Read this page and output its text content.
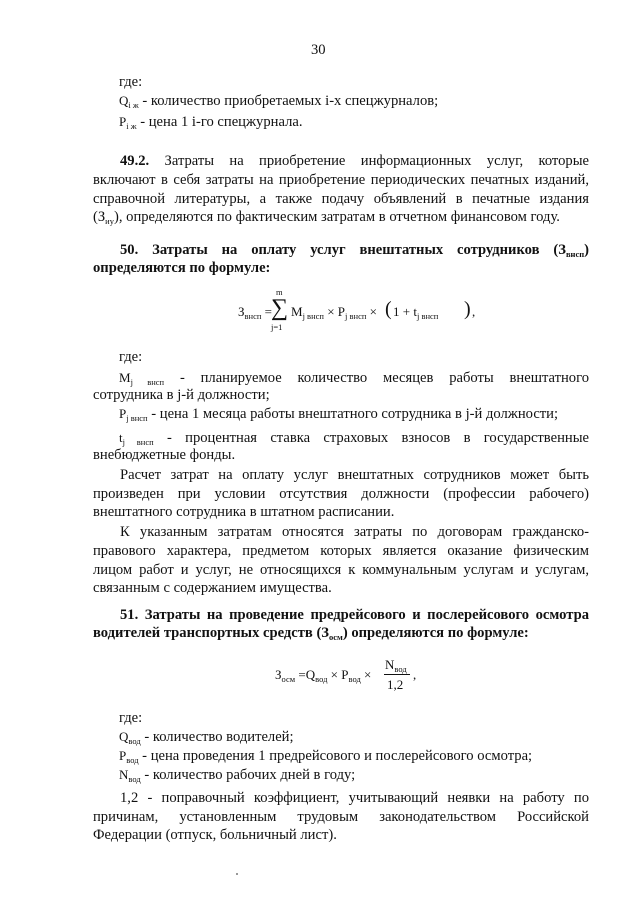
30
где:
$Q_{i ж}$ - количество приобретаемых i-х спецжурналов;
$P_{i ж}$ - цена 1 i-го спецжурнала.
49.2. Затраты на приобретение информационных услуг, которые
включают в себя затраты на приобретение периодических печатных изданий,
справочной литературы, а также подачу объявлений в печатные издания
$(З_{иу})$, определяются по фактическим затратам в отчетном финансовом году.
50. Затраты на оплату услуг внештатных сотрудников $(З_{внсп})$
определяются по формуле:
$З_{внсп}$ =
m
∑
j=1
$M_{j внсп} \times P_{j внсп}$ × ( $1 + t_{j внсп}$ ) ,
где:
$M_{j внсп}$ - планируемое количество месяцев работы внештатного
сотрудника в j-й должности;
$P_{j внсп}$ - цена 1 месяца работы внештатного сотрудника в j-й должности;
$t_{j внсп}$ - процентная ставка страховых взносов в государственные
внебюджетные фонды.
Расчет затрат на оплату услуг внештатных сотрудников может быть
произведен при условии отсутствия должности (профессии рабочего)
внештатного сотрудника в штатном расписании.
К указанным затратам относятся затраты по договорам гражданско-
правового характера, предметом которых является оказание физическим
лицом работ и услуг, не относящихся к коммунальным услугам и услугам,
связанным с содержанием имущества.
51. Затраты на проведение предрейсового и послерейсового осмотра
водителей транспортных средств $(З_{осм})$ определяются по формуле:
$З_{осм} =Q_{вод} \times P_{вод}$ ×
$N_{вод}$
1,2
,
где:
$Q_{вод}$ - количество водителей;
$P_{вод}$ - цена проведения 1 предрейсового и послерейсового осмотра;
$N_{вод}$ - количество рабочих дней в году;
1,2 - поправочный коэффициент, учитывающий неявки на работу по
причинам, установленным трудовым законодательством Российской
Федерации (отпуск, больничный лист).
